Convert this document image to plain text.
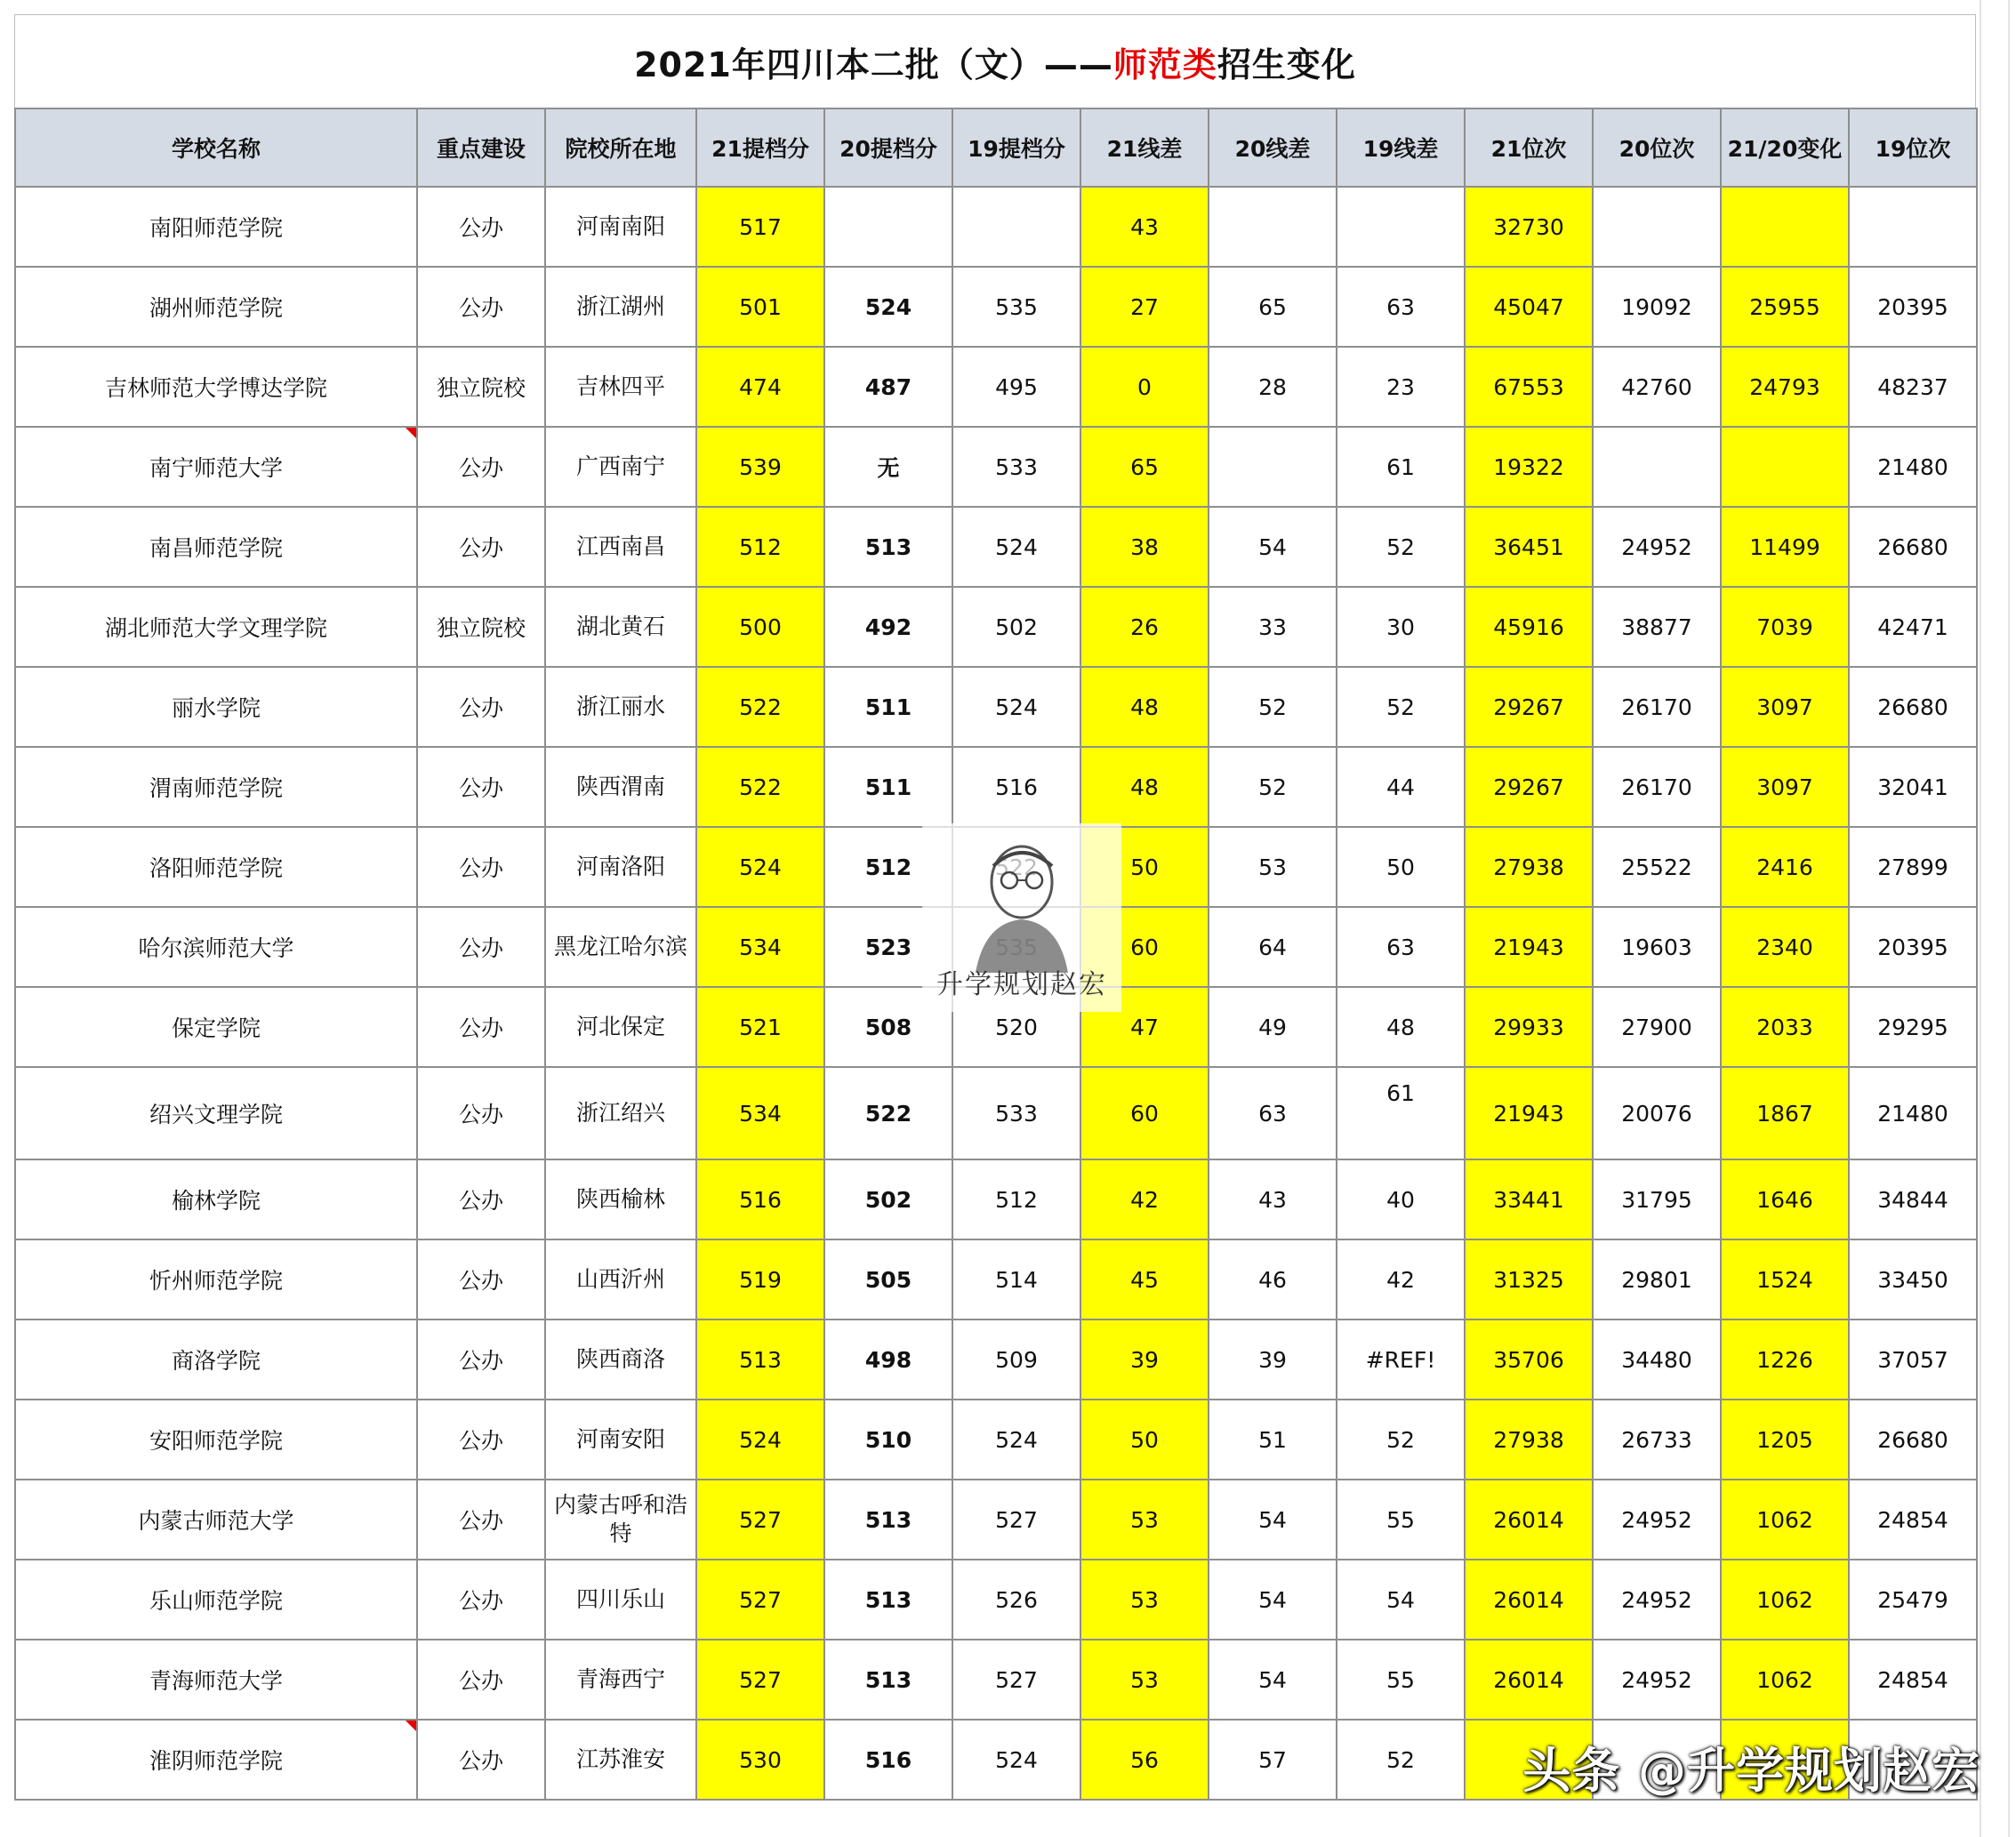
2021年四川本二批（文）—— 师范类 招生变化
学校名称	重点建设	院校所在地	21提档分	20提档分	19提档分	21线差	20线差	19线差	21位次	20位次	21/20变化	19位次
南阳师范学院	公办	河南南阳	517			43			32730			
湖州师范学院	公办	浙江湖州	501	524	535	27	65	63	45047	19092	25955	20395
吉林师范大学博达学院	独立院校	吉林四平	474	487	495	0	28	23	67553	42760	24793	48237
南宁师范大学	公办	广西南宁	539	无	533	65		61	19322			21480
南昌师范学院	公办	江西南昌	512	513	524	38	54	52	36451	24952	11499	26680
湖北师范大学文理学院	独立院校	湖北黄石	500	492	502	26	33	30	45916	38877	7039	42471
丽水学院	公办	浙江丽水	522	511	524	48	52	52	29267	26170	3097	26680
渭南师范学院	公办	陕西渭南	522	511	516	48	52	44	29267	26170	3097	32041
洛阳师范学院	公办	河南洛阳	524	512		50	53	50	27938	25522	2416	27899
哈尔滨师范大学	公办	黑龙江哈尔滨	534	523		60	64	63	21943	19603	2340	20395
保定学院	公办	河北保定	521	508	520	47	49	48	29933	27900	2033	29295
绍兴文理学院	公办	浙江绍兴	534	522	533	60	63	61	21943	20076	1867	21480
榆林学院	公办	陕西榆林	516	502	512	42	43	40	33441	31795	1646	34844
忻州师范学院	公办	山西沂州	519	505	514	45	46	42	31325	29801	1524	33450
商洛学院	公办	陕西商洛	513	498	509	39	39	#REF!	35706	34480	1226	37057
安阳师范学院	公办	河南安阳	524	510	524	50	51	52	27938	26733	1205	26680
内蒙古师范大学	公办	内蒙古呼和浩特	527	513	527	53	54	55	26014	24952	1062	24854
乐山师范学院	公办	四川乐山	527	513	526	53	54	54	26014	24952	1062	25479
青海师范大学	公办	青海西宁	527	513	527	53	54	55	26014	24952	1062	24854
淮阴师范学院	公办	江苏淮安	530	516	524	56	57	52				
升学规划赵宏
头条 @升学规划赵宏
